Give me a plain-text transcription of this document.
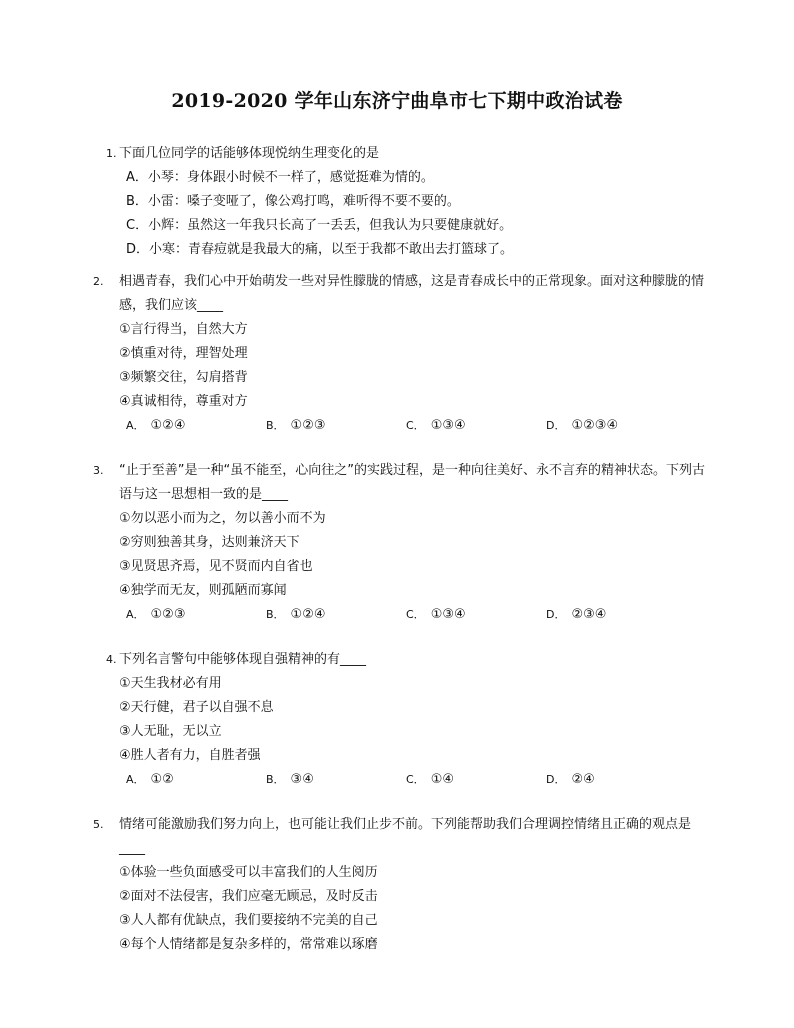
2019-2020 学年山东济宁曲阜市七下期中政治试卷
1. 下面几位同学的话能够体现悦纳生理变化的是
A．小琴：身体跟小时候不一样了，感觉挺难为情的。
B．小雷：嗓子变哑了，像公鸡打鸣，难听得不要不要的。
C．小辉：虽然这一年我只长高了一丢丢，但我认为只要健康就好。
D．小寒：青春痘就是我最大的痛，以至于我都不敢出去打篮球了。
2. 相遇青春，我们心中开始萌发一些对异性朦胧的情感，这是青春成长中的正常现象。面对这种朦胧的情感，我们应该____
①言行得当，自然大方
②慎重对待，理智处理
③频繁交往，勾肩搭背
④真诚相待，尊重对方
A． ①②④	B． ①②③	C． ①③④	D． ①②③④
3. “止于至善”是一种“虽不能至，心向往之”的实践过程，是一种向往美好、永不言弃的精神状态。下列古语与这一思想相一致的是____
①勿以恶小而为之，勿以善小而不为
②穷则独善其身，达则兼济天下
③见贤思齐焉，见不贤而内自省也
④独学而无友，则孤陋而寡闻
A． ①②③	B． ①②④	C． ①③④	D． ②③④
4. 下列名言警句中能够体现自强精神的有____
①天生我材必有用
②天行健，君子以自强不息
③人无耻，无以立
④胜人者有力，自胜者强
A． ①②	B． ③④	C． ①④	D． ②④
5. 情绪可能激励我们努力向上，也可能让我们止步不前。下列能帮助我们合理调控情绪且正确的观点是____
①体验一些负面感受可以丰富我们的人生阅历
②面对不法侵害，我们应毫无顾忌，及时反击
③人人都有优缺点，我们要接纳不完美的自己
④每个人情绪都是复杂多样的，常常难以琢磨
